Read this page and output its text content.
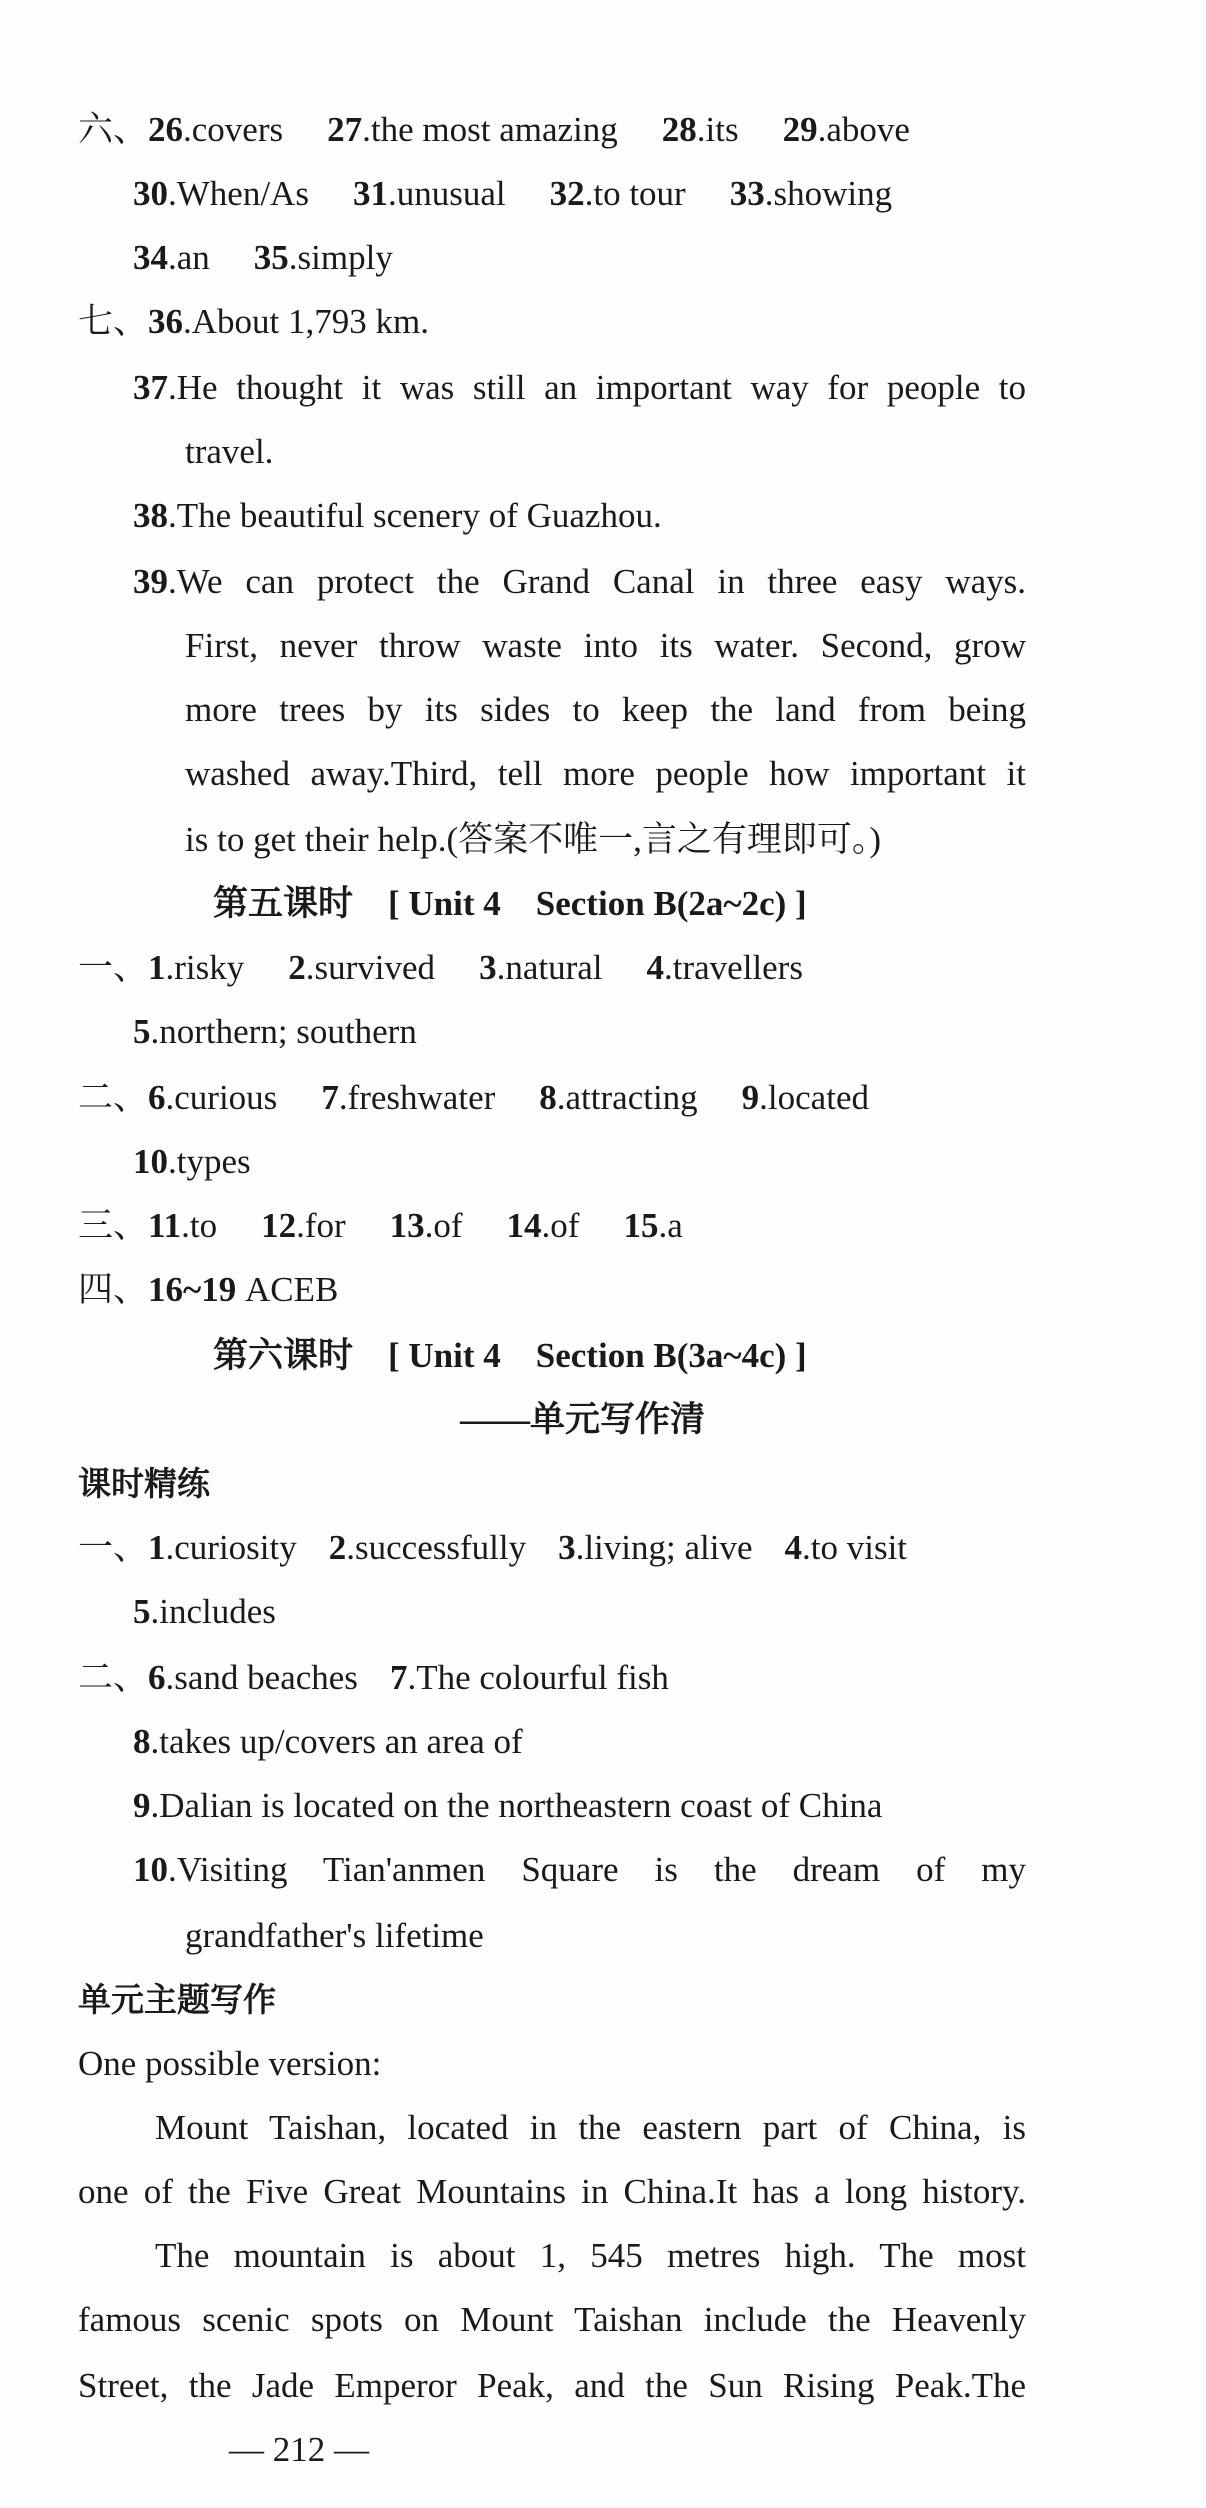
六、26.covers 27.the most amazing 28.its 29.above
30.When/As 31.unusual 32.to tour 33.showing
34.an 35.simply
七、36.About 1,793 km.
37.He thought it was still an important way for people to
travel.
38.The beautiful scenery of Guazhou.
39.We can protect the Grand Canal in three easy ways.
First, never throw waste into its water. Second, grow
more trees by its sides to keep the land from being
washed away.Third, tell more people how important it
is to get their help.(答案不唯一,言之有理即可。)
第五课时　[ Unit 4　Section B(2a~2c) ]
一、1.risky 2.survived 3.natural 4.travellers
5.northern; southern
二、6.curious 7.freshwater 8.attracting 9.located
10.types
三、11.to 12.for 13.of 14.of 15.a
四、16~19 ACEB
第六课时　[ Unit 4　Section B(3a~4c) ]
——单元写作清
课时精练
一、1.curiosity 2.successfully 3.living; alive 4.to visit
5.includes
二、6.sand beaches 7.The colourful fish
8.takes up/covers an area of
9.Dalian is located on the northeastern coast of China
10.Visiting Tian'anmen Square is the dream of my
grandfather's lifetime
单元主题写作
One possible version:
Mount Taishan, located in the eastern part of China, is
one of the Five Great Mountains in China.It has a long history.
The mountain is about 1, 545 metres high. The most
famous scenic spots on Mount Taishan include the Heavenly
Street, the Jade Emperor Peak, and the Sun Rising Peak.The
— 212 —
